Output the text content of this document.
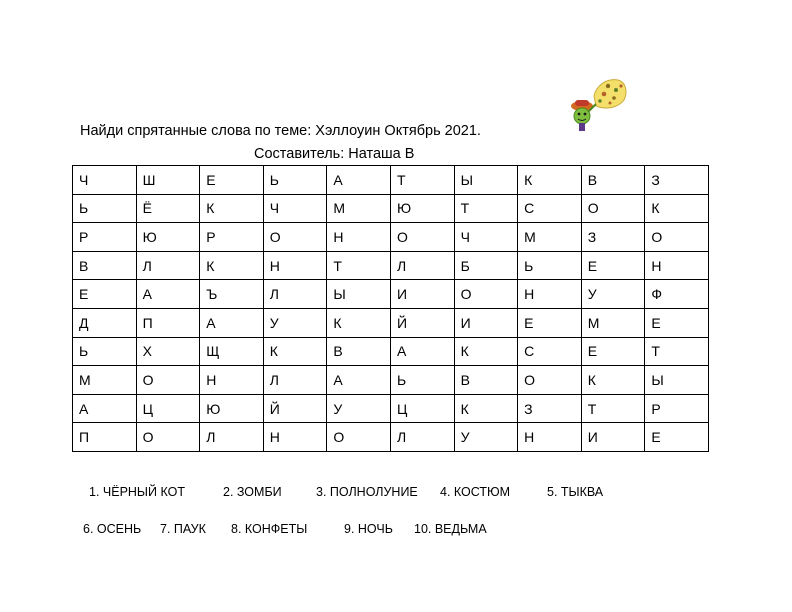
Найди спрятанные слова по теме: Хэллоуин Октябрь 2021.
Составитель: Наташа В
Ч	Ш	Е	Ь	А	Т	Ы	К	В	З
Ь	Ё	К	Ч	М	Ю	Т	С	О	К
Р	Ю	Р	О	Н	О	Ч	М	З	О
В	Л	К	Н	Т	Л	Б	Ь	Е	Н
Е	А	Ъ	Л	Ы	И	О	Н	У	Ф
Д	П	А	У	К	Й	И	Е	М	Е
Ь	Х	Щ	К	В	А	К	С	Е	Т
М	О	Н	Л	А	Ь	В	О	К	Ы
А	Ц	Ю	Й	У	Ц	К	З	Т	Р
П	О	Л	Н	О	Л	У	Н	И	Е
1. ЧЁРНЫЙ КОТ	2. ЗОМБИ	3. ПОЛНОЛУНИЕ 4. КОСТЮМ	5. ТЫКВА
6. ОСЕНЬ 7. ПАУК 8. КОНФЕТЫ	9. НОЧЬ 10. ВЕДЬМА
